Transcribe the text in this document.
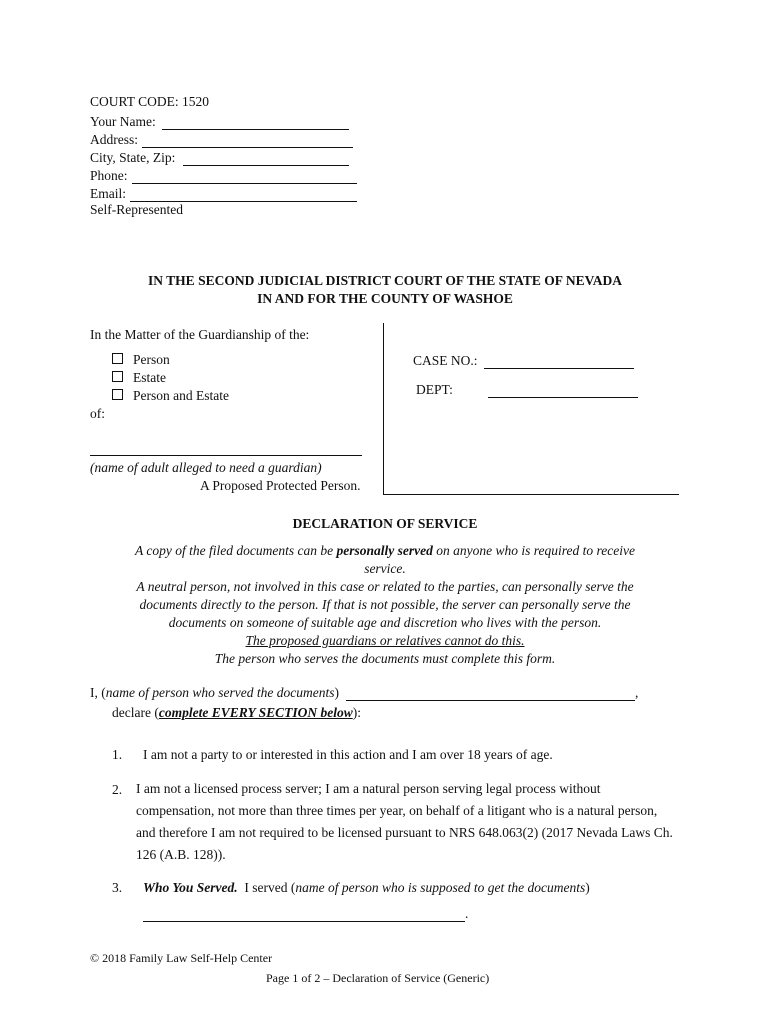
COURT CODE: 1520
Your Name:
Address:
City, State, Zip:
Phone:
Email:
Self-Represented
IN THE SECOND JUDICIAL DISTRICT COURT OF THE STATE OF NEVADA
IN AND FOR THE COUNTY OF WASHOE
In the Matter of the Guardianship of the:
Person
Estate
Person and Estate
of:
(name of adult alleged to need a guardian)
A Proposed Protected Person.
CASE NO.:
DEPT:
DECLARATION OF SERVICE
A copy of the filed documents can be personally served on anyone who is required to receive
service.
A neutral person, not involved in this case or related to the parties, can personally serve the
documents directly to the person. If that is not possible, the server can personally serve the
documents on someone of suitable age and discretion who lives with the person.
The proposed guardians or relatives cannot do this.
The person who serves the documents must complete this form.
I, ( name of person who served the documents )	,
declare (complete EVERY SECTION below):
1. I am not a party to or interested in this action and I am over 18 years of age.
2. I am not a licensed process server; I am a natural person serving legal process without compensation, not more than three times per year, on behalf of a litigant who is a natural person, and therefore I am not required to be licensed pursuant to NRS 648.063(2) (2017 Nevada Laws Ch. 126 (A.B. 128)).
3. Who You Served.  I served (name of person who is supposed to get the documents)
.
© 2018 Family Law Self-Help Center
Page 1 of 2 – Declaration of Service (Generic)
